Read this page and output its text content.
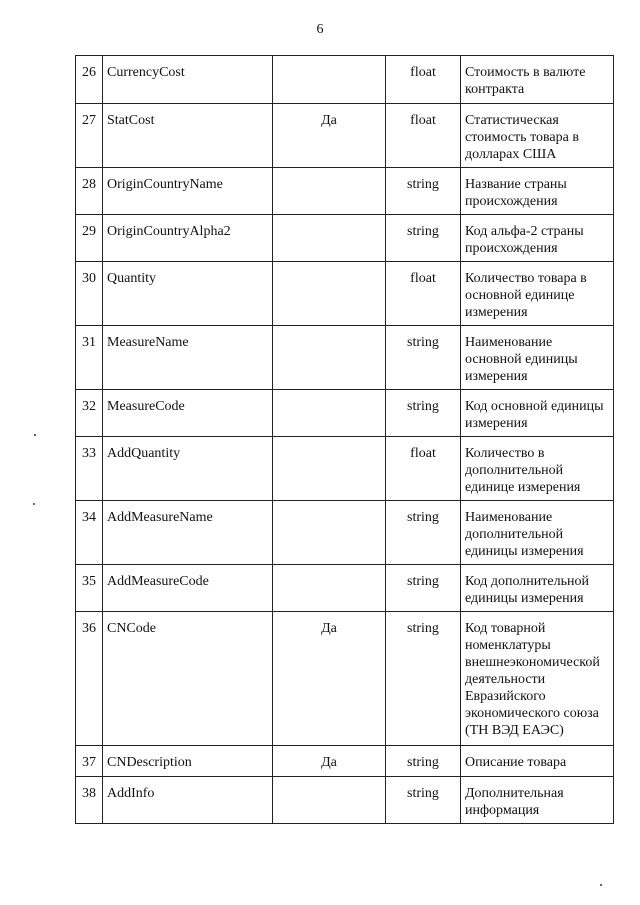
6
26	CurrencyCost		float	Стоимость в валюте контракта
27	StatCost	Да	float	Статистическая стоимость товара в долларах США
28	OriginCountryName		string	Название страны происхождения
29	OriginCountryAlpha2		string	Код альфа-2 страны происхождения
30	Quantity		float	Количество товара в основной единице измерения
31	MeasureName		string	Наименование основной единицы измерения
32	MeasureCode		string	Код основной единицы измерения
33	AddQuantity		float	Количество в дополнительной единице измерения
34	AddMeasureName		string	Наименование дополнительной единицы измерения
35	AddMeasureCode		string	Код дополнительной единицы измерения
36	CNCode	Да	string	Код товарной номенклатуры внешнеэкономической деятельности Евразийского экономического союза (ТН ВЭД ЕАЭС)
37	CNDescription	Да	string	Описание товара
38	AddInfo		string	Дополнительная информация
